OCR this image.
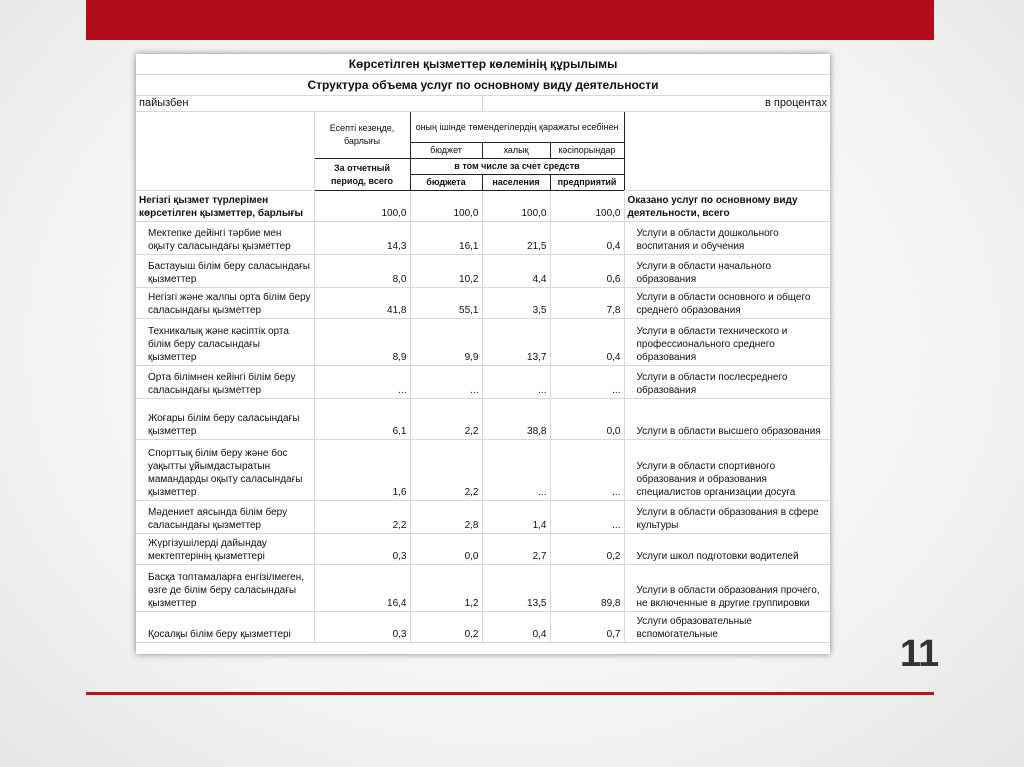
Көрсетілген қызметтер көлемінің құрылымы					
Структура объема услуг по основному виду деятельности					
пайызбен			в процентах		
	Есепті кезеңде, барлығы	оның ішінде төмендегілердің қаражаты есебінен			
		бюджет	халық	кәсіпорындар	
	За отчетный период, всего	в том числе за счет средств			
		бюджета	населения	предприятий	
Негізгі қызмет түрлерімен көрсетілген қызметтер, барлығы	100,0	100,0	100,0	100,0	Оказано услуг по основному виду деятельности, всего
Мектепке дейінгі тәрбие мен оқыту саласындағы қызметтер	14,3	16,1	21,5	0,4	Услуги в области дошкольного воспитания и обучения
Бастауыш білім беру саласындағы қызметтер	8,0	10,2	4,4	0,6	Услуги в области начального образования
Негізгі және жалпы орта білім беру саласындағы қызметтер	41,8	55,1	3,5	7,8	Услуги в области основного и общего среднего образования
Техникалық және кәсіптік орта білім беру саласындағы қызметтер	8,9	9,9	13,7	0,4	Услуги в области технического и профессионального среднего образования
Орта білімнен кейінгі білім беру саласындағы қызметтер	...	...	...	...	Услуги в области послесреднего образования
Жоғары білім беру саласындағы қызметтер	6,1	2,2	38,8	0,0	Услуги в области высшего образования
Спорттық білім беру және бос уақытты ұйымдастыратын мамандарды оқыту саласындағы қызметтер	1,6	2,2	...	...	Услуги в области спортивного образования и образования специалистов организации досуга
Мәдениет аясында білім беру саласындағы қызметтер	2,2	2,8	1,4	...	Услуги в области образования в сфере культуры
Жүргізушілерді дайындау мектептерінің қызметтері	0,3	0,0	2,7	0,2	Услуги школ подготовки водителей
Басқа топтамаларға енгізілмеген, өзге де білім беру саласындағы қызметтер	16,4	1,2	13,5	89,8	Услуги в области образования прочего, не включенные в другие группировки
Қосалқы білім беру қызметтері	0,3	0,2	0,4	0,7	Услуги образовательные вспомогательные	11
